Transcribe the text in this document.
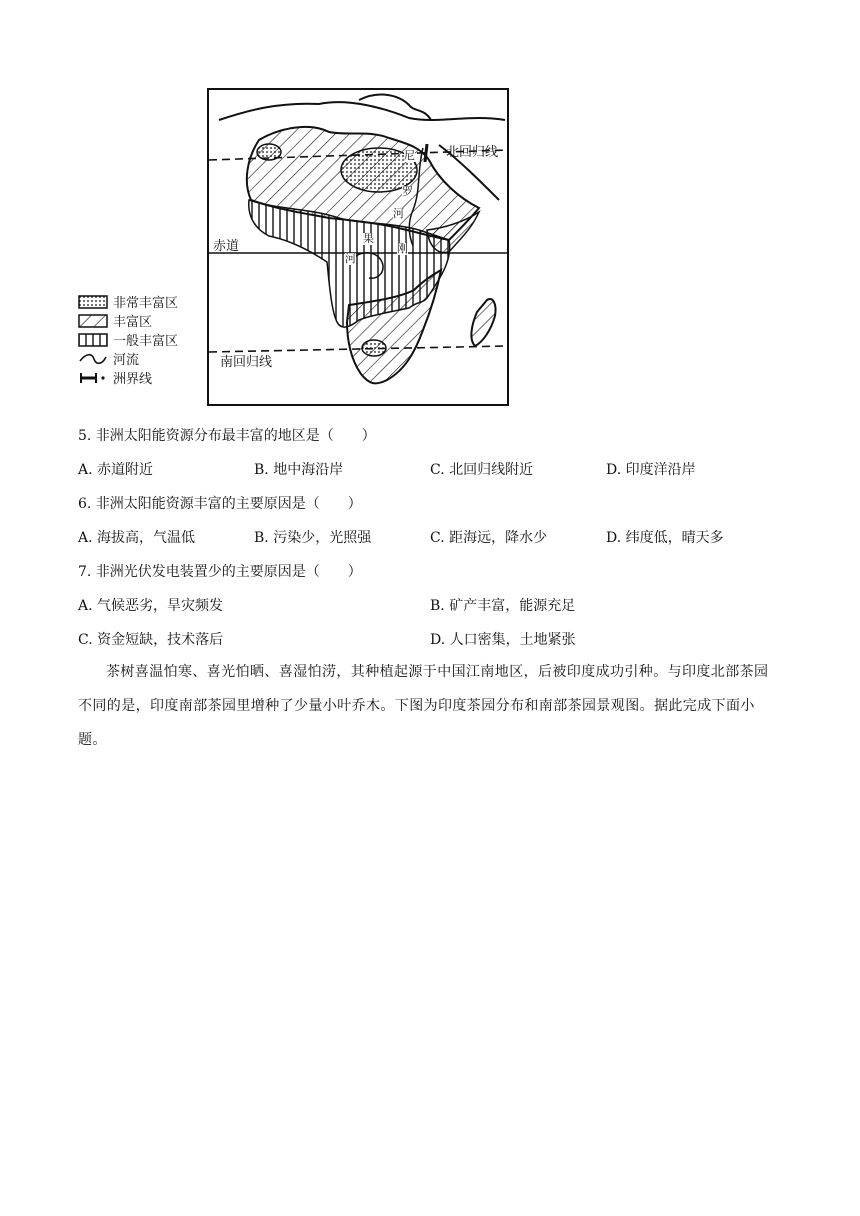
北回归线
赤道
南回归线
尼
罗
河
刚
果
河
非常丰富区
丰富区
一般丰富区
河流
洲界线
5. 非洲太阳能资源分布最丰富的地区是（　　）
A. 赤道附近	B. 地中海沿岸	C. 北回归线附近	D. 印度洋沿岸
6. 非洲太阳能资源丰富的主要原因是（　　）
A. 海拔高，气温低	B. 污染少，光照强	C. 距海远，降水少	D. 纬度低，晴天多
7. 非洲光伏发电装置少的主要原因是（　　）
A. 气候恶劣，旱灾频发	B. 矿产丰富，能源充足
C. 资金短缺，技术落后	D. 人口密集，土地紧张
茶树喜温怕寒、喜光怕晒、喜湿怕涝，其种植起源于中国江南地区，后被印度成功引种。与印度北部茶园不同的是，印度南部茶园里增种了少量小叶乔木。下图为印度茶园分布和南部茶园景观图。据此完成下面小题。
